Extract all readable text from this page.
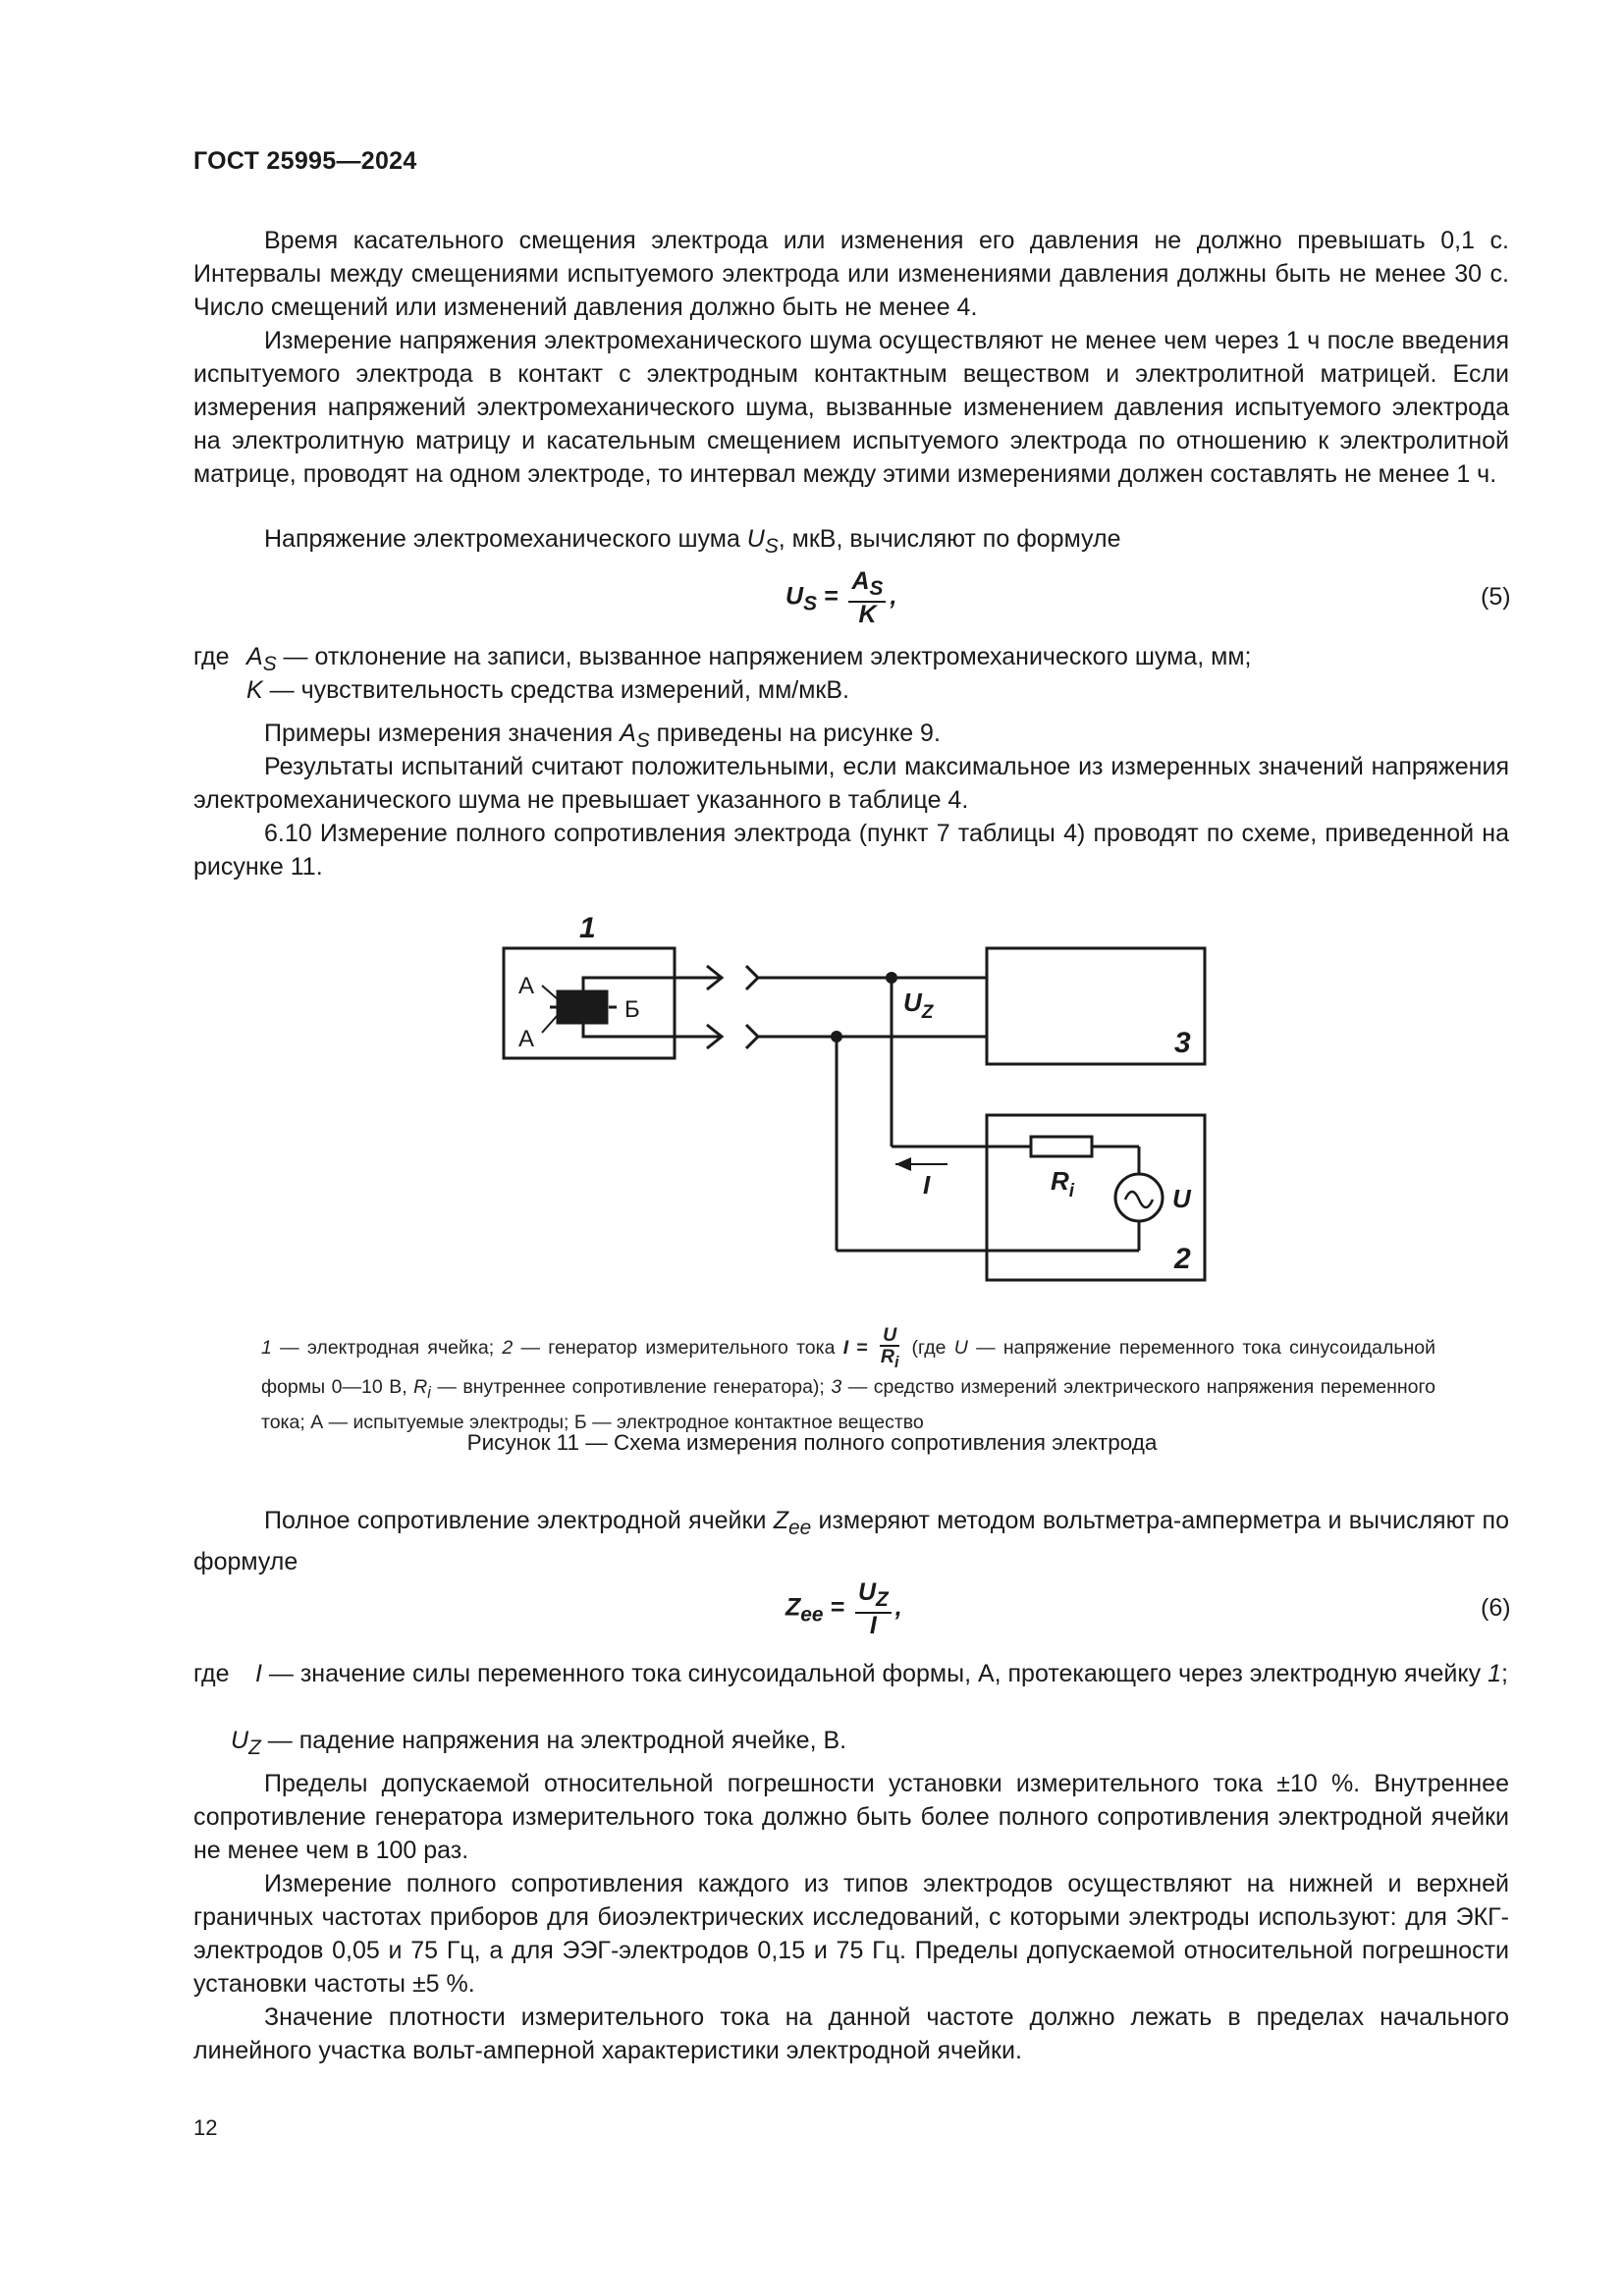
ГОСТ 25995—2024
Время касательного смещения электрода или изменения его давления не должно превышать 0,1 с. Интервалы между смещениями испытуемого электрода или изменениями давления должны быть не менее 30 с. Число смещений или изменений давления должно быть не менее 4.
Измерение напряжения электромеханического шума осуществляют не менее чем через 1 ч после введения испытуемого электрода в контакт с электродным контактным веществом и электролитной матрицей. Если измерения напряжений электромеханического шума, вызванные изменением давления испытуемого электрода на электролитную матрицу и касательным смещением испытуемого электрода по отношению к электролитной матрице, проводят на одном электроде, то интервал между этими измерениями должен составлять не менее 1 ч.
Напряжение электромеханического шума $U_S$, мкВ, вычисляют по формуле
$U_S = \frac{A_S}{K}$ ,	(5)
где $A_S$ — отклонение на записи, вызванное напряжением электромеханического шума, мм;
K — чувствительность средства измерений, мм/мкВ.
Примеры измерения значения $A_S$ приведены на рисунке 9.
Результаты испытаний считают положительными, если максимальное из измеренных значений напряжения электромеханического шума не превышает указанного в таблице 4.
6.10 Измерение полного сопротивления электрода (пункт 7 таблицы 4) проводят по схеме, приведенной на рисунке 11.
1
А
А
Б	$U_Z$
3
I	$R_i$	U
2
1 — электродная ячейка; 2 — генератор измерительного тока $I = \frac{U}{R_i} (где$ U — напряжение переменного тока синусоидальной формы 0—10 В, $R_i$ — внутреннее сопротивление генератора); 3 — средство измерений электрического напряжения переменного тока; А — испытуемые электроды; Б — электродное контактное вещество
Рисунок 11 — Схема измерения полного сопротивления электрода
Полное сопротивление электродной ячейки $Z_{ee}$ измеряют методом вольтметра-амперметра и вычисляют по формуле
$Z_{ee} = \frac{U_Z}{I}$ ,	(6)
где I — значение силы переменного тока синусоидальной формы, А, протекающего через электродную ячейку 1;
$U_Z$ — падение напряжения на электродной ячейке, В.
Пределы допускаемой относительной погрешности установки измерительного тока ±10 %. Внутреннее сопротивление генератора измерительного тока должно быть более полного сопротивления электродной ячейки не менее чем в 100 раз.
Измерение полного сопротивления каждого из типов электродов осуществляют на нижней и верхней граничных частотах приборов для биоэлектрических исследований, с которыми электроды используют: для ЭКГ-электродов 0,05 и 75 Гц, а для ЭЭГ-электродов 0,15 и 75 Гц. Пределы допускаемой относительной погрешности установки частоты ±5 %.
Значение плотности измерительного тока на данной частоте должно лежать в пределах начального линейного участка вольт-амперной характеристики электродной ячейки.
12
